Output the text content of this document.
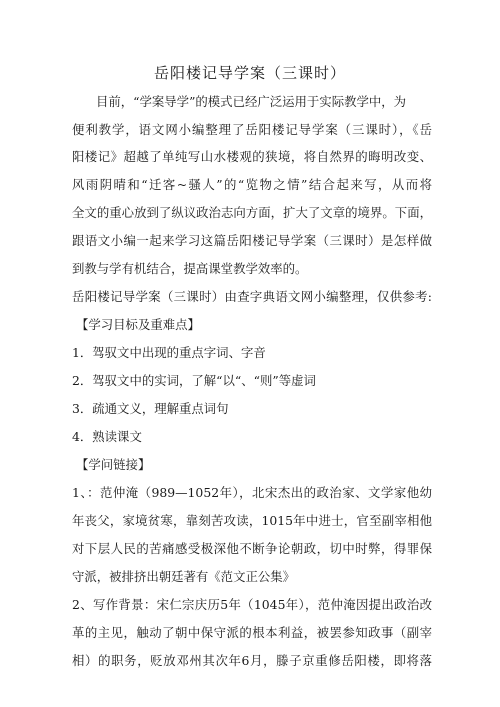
岳阳楼记导学案（三课时）
目前，“学案导学”的模式已经广泛运用于实际教学中，为
便利教学，语文网小编整理了岳阳楼记导学案（三课时），《岳
阳楼记》超越了单纯写山水楼观的狭境，将自然界的晦明改变、
风雨阴晴和“迁客~骚人”的“览物之情”结合起来写，从而将
全文的重心放到了纵议政治志向方面，扩大了文章的境界。下面，
跟语文小编一起来学习这篇岳阳楼记导学案（三课时）是怎样做
到教与学有机结合，提高课堂教学效率的。
岳阳楼记导学案（三课时）由查字典语文网小编整理，仅供参考:
【学习目标及重难点】
1．驾驭文中出现的重点字词、字音
2．驾驭文中的实词，了解“以“、“则”等虚词
3．疏通文义，理解重点词句
4．熟读课文
【学问链接】
1、：范仲淹（989—1052年），北宋杰出的政治家、文学家他幼
年丧父，家境贫寒，靠刻苦攻读，1015年中进士，官至副宰相他
对下层人民的苦痛感受极深他不断争论朝政，切中时弊，得罪保
守派，被排挤出朝廷著有《范文正公集》
2、写作背景：宋仁宗庆历5年（1045年），范仲淹因提出政治改
革的主见，触动了朝中保守派的根本利益，被罢参知政事（副宰
相）的职务，贬放邓州其次年6月，滕子京重修岳阳楼，即将落
